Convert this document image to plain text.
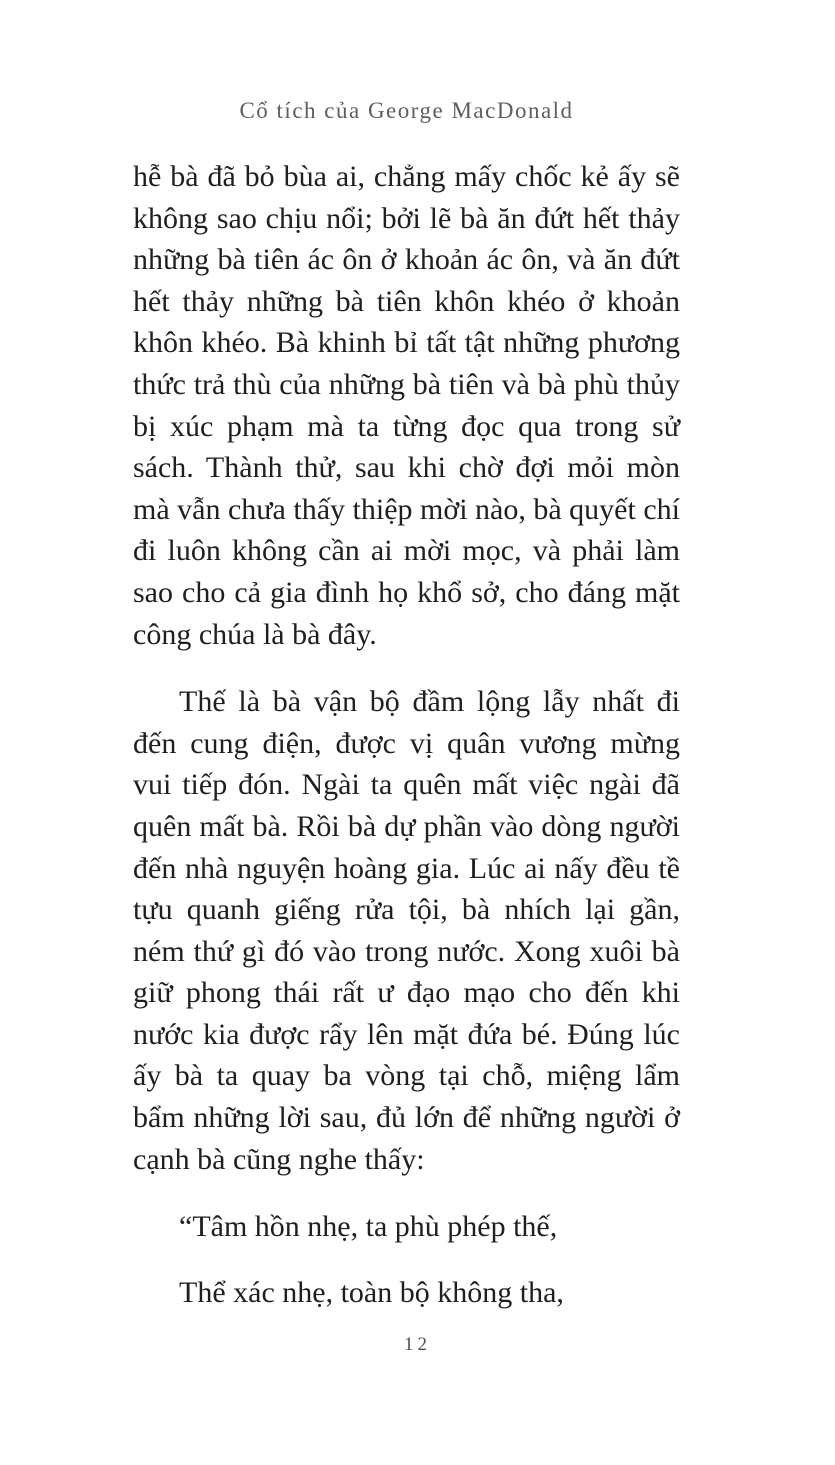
Cổ tích của George MacDonald

hễ bà đã bỏ bùa ai, chẳng mấy chốc kẻ ấy sẽ không sao chịu nổi; bởi lẽ bà ăn đứt hết thảy những bà tiên ác ôn ở khoản ác ôn, và ăn đứt hết thảy những bà tiên khôn khéo ở khoản khôn khéo. Bà khinh bỉ tất tật những phương thức trả thù của những bà tiên và bà phù thủy bị xúc phạm mà ta từng đọc qua trong sử sách. Thành thử, sau khi chờ đợi mỏi mòn mà vẫn chưa thấy thiệp mời nào, bà quyết chí đi luôn không cần ai mời mọc, và phải làm sao cho cả gia đình họ khổ sở, cho đáng mặt công chúa là bà đây.

Thế là bà vận bộ đầm lộng lẫy nhất đi đến cung điện, được vị quân vương mừng vui tiếp đón. Ngài ta quên mất việc ngài đã quên mất bà. Rồi bà dự phần vào dòng người đến nhà nguyện hoàng gia. Lúc ai nấy đều tề tựu quanh giếng rửa tội, bà nhích lại gần, ném thứ gì đó vào trong nước. Xong xuôi bà giữ phong thái rất ư đạo mạo cho đến khi nước kia được rẩy lên mặt đứa bé. Đúng lúc ấy bà ta quay ba vòng tại chỗ, miệng lẩm bẩm những lời sau, đủ lớn để những người ở cạnh bà cũng nghe thấy:

“Tâm hồn nhẹ, ta phù phép thế,

Thể xác nhẹ, toàn bộ không tha,

12
